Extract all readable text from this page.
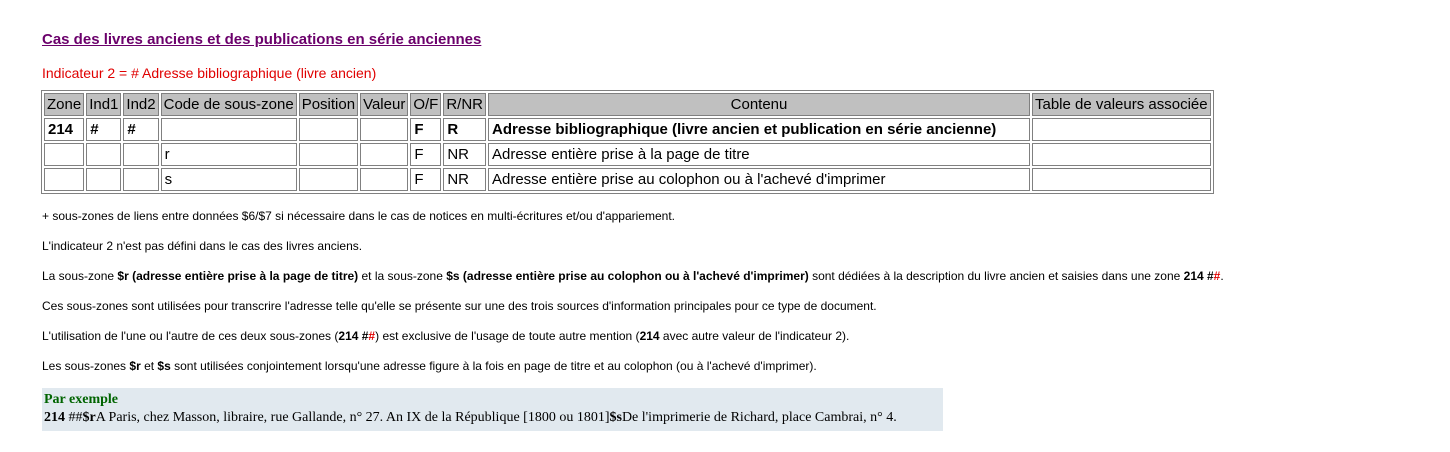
Cas des livres anciens et des publications en série anciennes
Indicateur 2 = # Adresse bibliographique (livre ancien)
Zone	Ind1	Ind2	Code de sous-zone	Position	Valeur	O/F	R/NR	Contenu	Table de valeurs associée
214	#	#				F	R	Adresse bibliographique (livre ancien et publication en série ancienne)	
			r			F	NR	Adresse entière prise à la page de titre	
			s			F	NR	Adresse entière prise au colophon ou à l'achevé d'imprimer	

+ sous-zones de liens entre données $6/$7 si nécessaire dans le cas de notices en multi-écritures et/ou d'appariement.

L'indicateur 2 n'est pas défini dans le cas des livres anciens.

La sous-zone $r (adresse entière prise à la page de titre) et la sous-zone $s (adresse entière prise au colophon ou à l'achevé d'imprimer) sont dédiées à la description du livre ancien et saisies dans une zone 214 ##.

Ces sous-zones sont utilisées pour transcrire l'adresse telle qu'elle se présente sur une des trois sources d'information principales pour ce type de document.

L'utilisation de l'une ou l'autre de ces deux sous-zones (214 ##) est exclusive de l'usage de toute autre mention (214 avec autre valeur de l'indicateur 2).

Les sous-zones $r et $s sont utilisées conjointement lorsqu'une adresse figure à la fois en page de titre et au colophon (ou à l'achevé d'imprimer).

Par exemple
214 ##$rA Paris, chez Masson, libraire, rue Gallande, n° 27. An IX de la République [1800 ou 1801]$sDe l'imprimerie de Richard, place Cambrai, n° 4.
